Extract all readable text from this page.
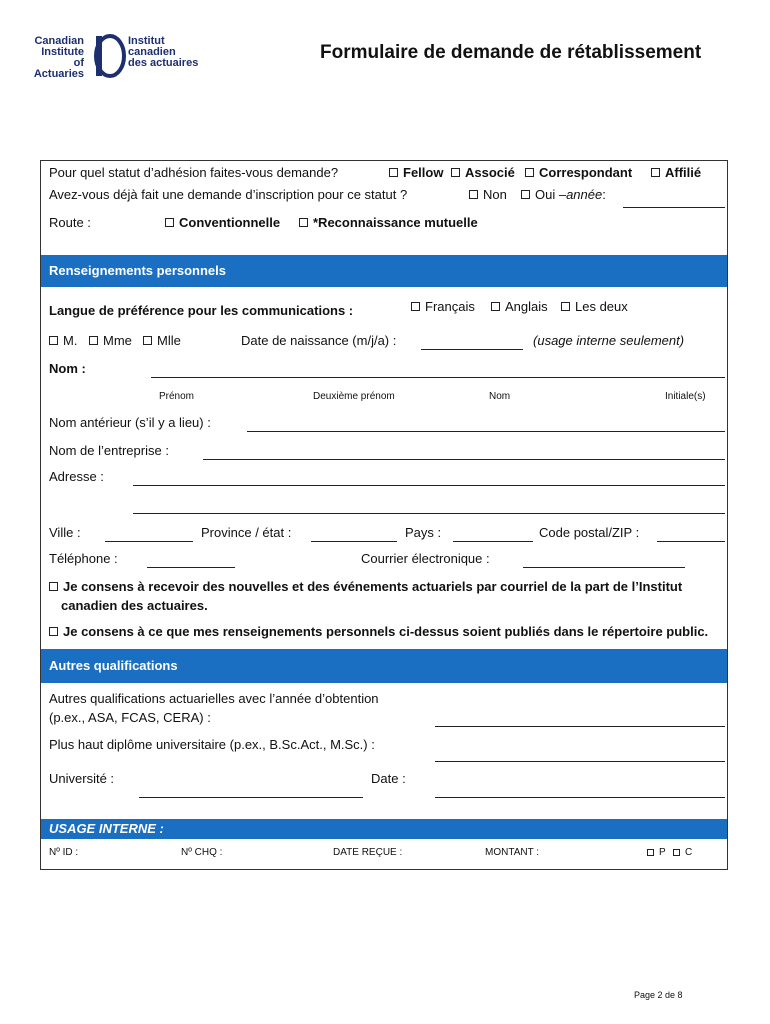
Canadian
Institute of
Actuaries
Institut
canadien
des actuaires	Formulaire de demande de rétablissement
Pour quel statut d’adhésion faites-vous demande?	Fellow Associé Correspondant	Affilié
Avez-vous déjà fait une demande d’inscription pour ce statut ?	Non Oui – année :
Route :	Conventionnelle	*Reconnaissance mutuelle
Renseignements personnels
Langue de préférence pour les communications :	Français Anglais Les deux
M. Mme Mlle	Date de naissance (m/j/a) :	(usage interne seulement)
Nom :
Prénom	Deuxième prénom	Nom	Initiale(s)
Nom antérieur (s’il y a lieu) :
Nom de l’entreprise :
Adresse :
Ville :	Province / état :	Pays :	Code postal/ZIP :
Téléphone :	Courrier électronique :
Je consens à recevoir des nouvelles et des événements actuariels par courriel de la part de l’Institut
canadien des actuaires.
Je consens à ce que mes renseignements personnels ci-dessus soient publiés dans le répertoire public.
Autres qualifications
Autres qualifications actuarielles avec l’année d’obtention
(p.ex., ASA, FCAS, CERA) :
Plus haut diplôme universitaire (p.ex., B.Sc.Act., M.Sc.) :
Université :	Date :
USAGE INTERNE :
Nº ID :	Nº CHQ :	DATE REÇUE :	MONTANT :	P C
Page 2 de 8
